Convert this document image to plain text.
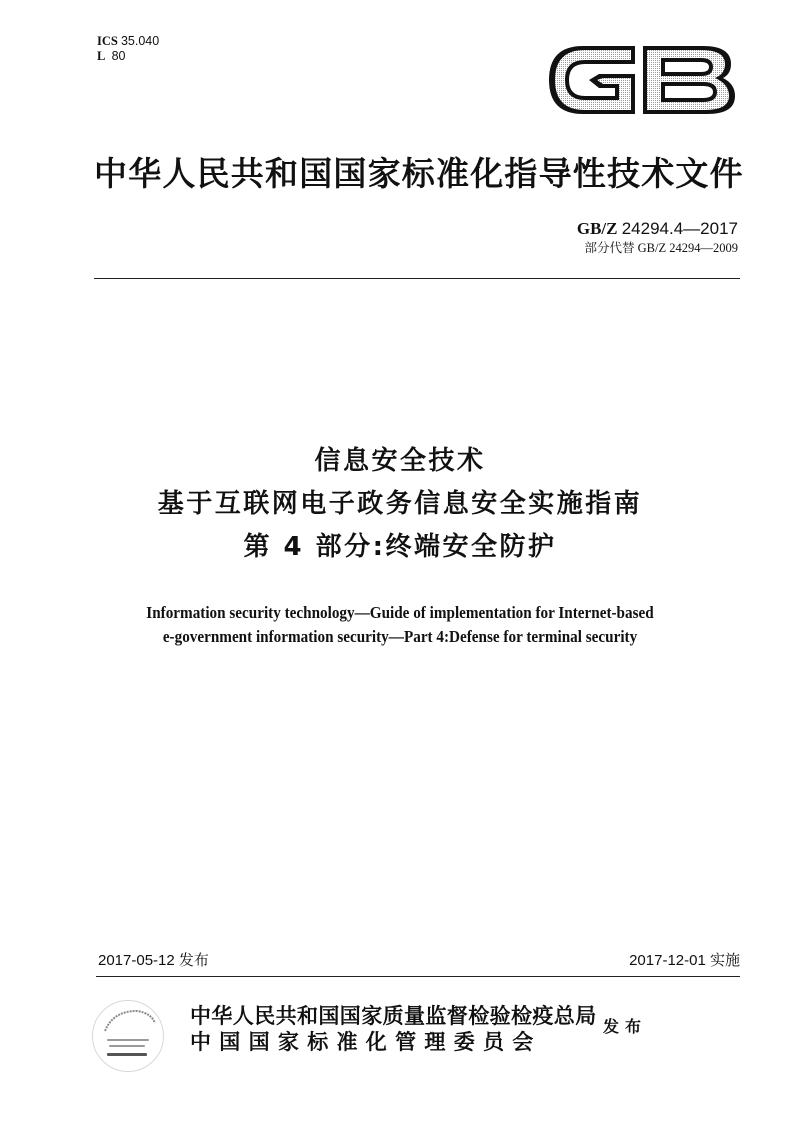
ICS 35.040
L 80
中华人民共和国国家标准化指导性技术文件
GB/Z 24294.4—2017
部分代替 GB/Z 24294—2009
信息安全技术
基于互联网电子政务信息安全实施指南
第 4 部分:终端安全防护
Information security technology—Guide of implementation for Internet-based
e-government information security—Part 4:Defense for terminal security
2017-05-12 发布	2017-12-01 实施
中华人民共和国国家质量监督检验检疫总局
中国国家标准化管理委员会
发布
